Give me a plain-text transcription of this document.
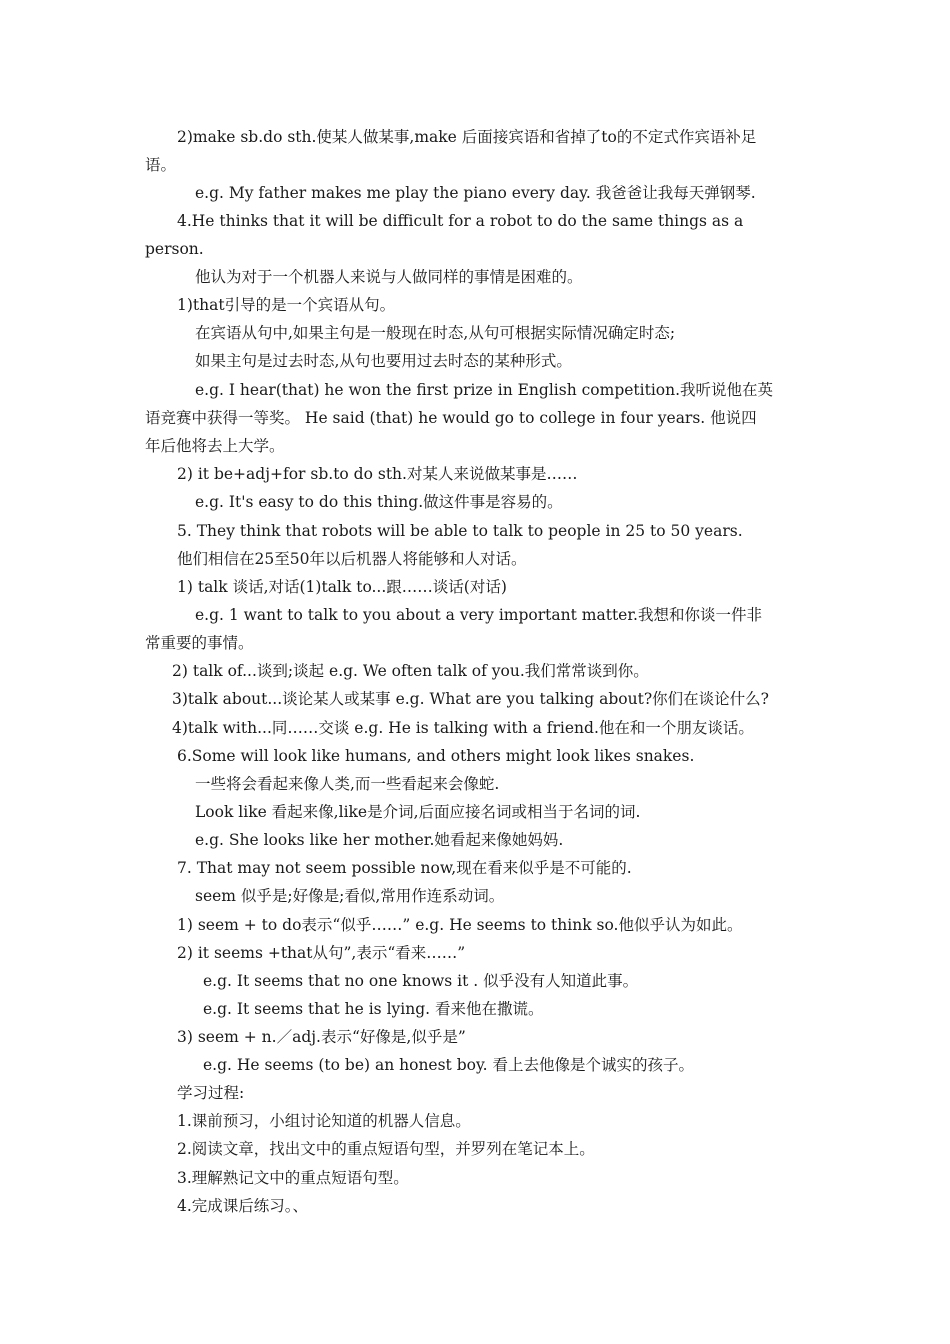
2)make sb.do sth.使某人做某事,make 后面接宾语和省掉了to的不定式作宾语补足
语。
e.g. My father makes me play the piano every day. 我爸爸让我每天弹钢琴.
4.He thinks that it will be difficult for a robot to do the same things as a
person.
他认为对于一个机器人来说与人做同样的事情是困难的。
1)that引导的是一个宾语从句。
在宾语从句中,如果主句是一般现在时态,从句可根据实际情况确定时态;
如果主句是过去时态,从句也要用过去时态的某种形式。
e.g. I hear(that) he won the first prize in English competition.我听说他在英
语竞赛中获得一等奖。 He said (that) he would go to college in four years. 他说四
年后他将去上大学。
2) it be+adj+for sb.to do sth.对某人来说做某事是……
e.g. It's easy to do this thing.做这件事是容易的。
5. They think that robots will be able to talk to people in 25 to 50 years.
他们相信在25至50年以后机器人将能够和人对话。
1) talk 谈话,对话(1)talk to...跟……谈话(对话)
e.g. 1 want to talk to you about a very important matter.我想和你谈一件非
常重要的事情。
2) talk of...谈到;谈起 e.g. We often talk of you.我们常常谈到你。
3)talk about...谈论某人或某事 e.g. What are you talking about?你们在谈论什么?
4)talk with...同……交谈 e.g. He is talking with a friend.他在和一个朋友谈话。
6.Some will look like humans, and others might look likes snakes.
一些将会看起来像人类,而一些看起来会像蛇.
Look like 看起来像,like是介词,后面应接名词或相当于名词的词.
e.g. She looks like her mother.她看起来像她妈妈.
7. That may not seem possible now,现在看来似乎是不可能的.
seem 似乎是;好像是;看似,常用作连系动词。
1) seem + to do表示“似乎……” e.g. He seems to think so.他似乎认为如此。
2) it seems +that从句”,表示“看来……”
e.g. It seems that no one knows it . 似乎没有人知道此事。
e.g. It seems that he is lying. 看来他在撒谎。
3) seem + n.／adj.表示“好像是,似乎是”
e.g. He seems (to be) an honest boy. 看上去他像是个诚实的孩子。
学习过程:
1.课前预习，小组讨论知道的机器人信息。
2.阅读文章，找出文中的重点短语句型，并罗列在笔记本上。
3.理解熟记文中的重点短语句型。
4.完成课后练习。、
